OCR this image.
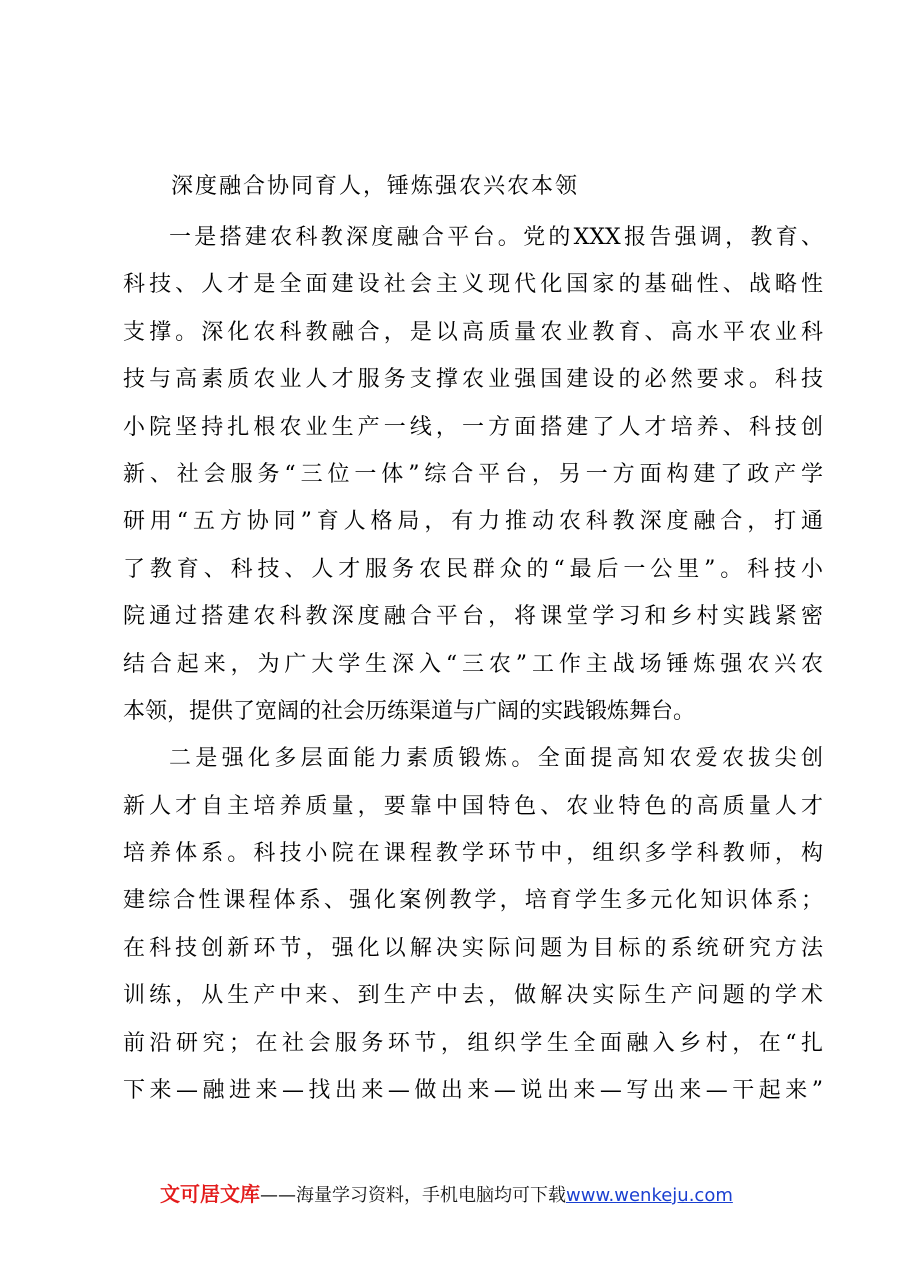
深度融合协同育人，锤炼强农兴农本领
一是搭建农科教深度融合平台。党的XXX报告强调，教育、
科技、人才是全面建设社会主义现代化国家的基础性、战略性
支撑。深化农科教融合，是以高质量农业教育、高水平农业科
技与高素质农业人才服务支撑农业强国建设的必然要求。科技
小院坚持扎根农业生产一线，一方面搭建了人才培养、科技创
新、社会服务“三位一体”综合平台，另一方面构建了政产学
研用“五方协同”育人格局，有力推动农科教深度融合，打通
了教育、科技、人才服务农民群众的“最后一公里”。科技小
院通过搭建农科教深度融合平台，将课堂学习和乡村实践紧密
结合起来，为广大学生深入“三农”工作主战场锤炼强农兴农
本领，提供了宽阔的社会历练渠道与广阔的实践锻炼舞台。
二是强化多层面能力素质锻炼。全面提高知农爱农拔尖创
新人才自主培养质量，要靠中国特色、农业特色的高质量人才
培养体系。科技小院在课程教学环节中，组织多学科教师，构
建综合性课程体系、强化案例教学，培育学生多元化知识体系；
在科技创新环节，强化以解决实际问题为目标的系统研究方法
训练，从生产中来、到生产中去，做解决实际生产问题的学术
前沿研究；在社会服务环节，组织学生全面融入乡村，在“扎
下来—融进来—找出来—做出来—说出来—写出来—干起来”
文可居文库——海量学习资料，手机电脑均可下载www.wenkeju.com
